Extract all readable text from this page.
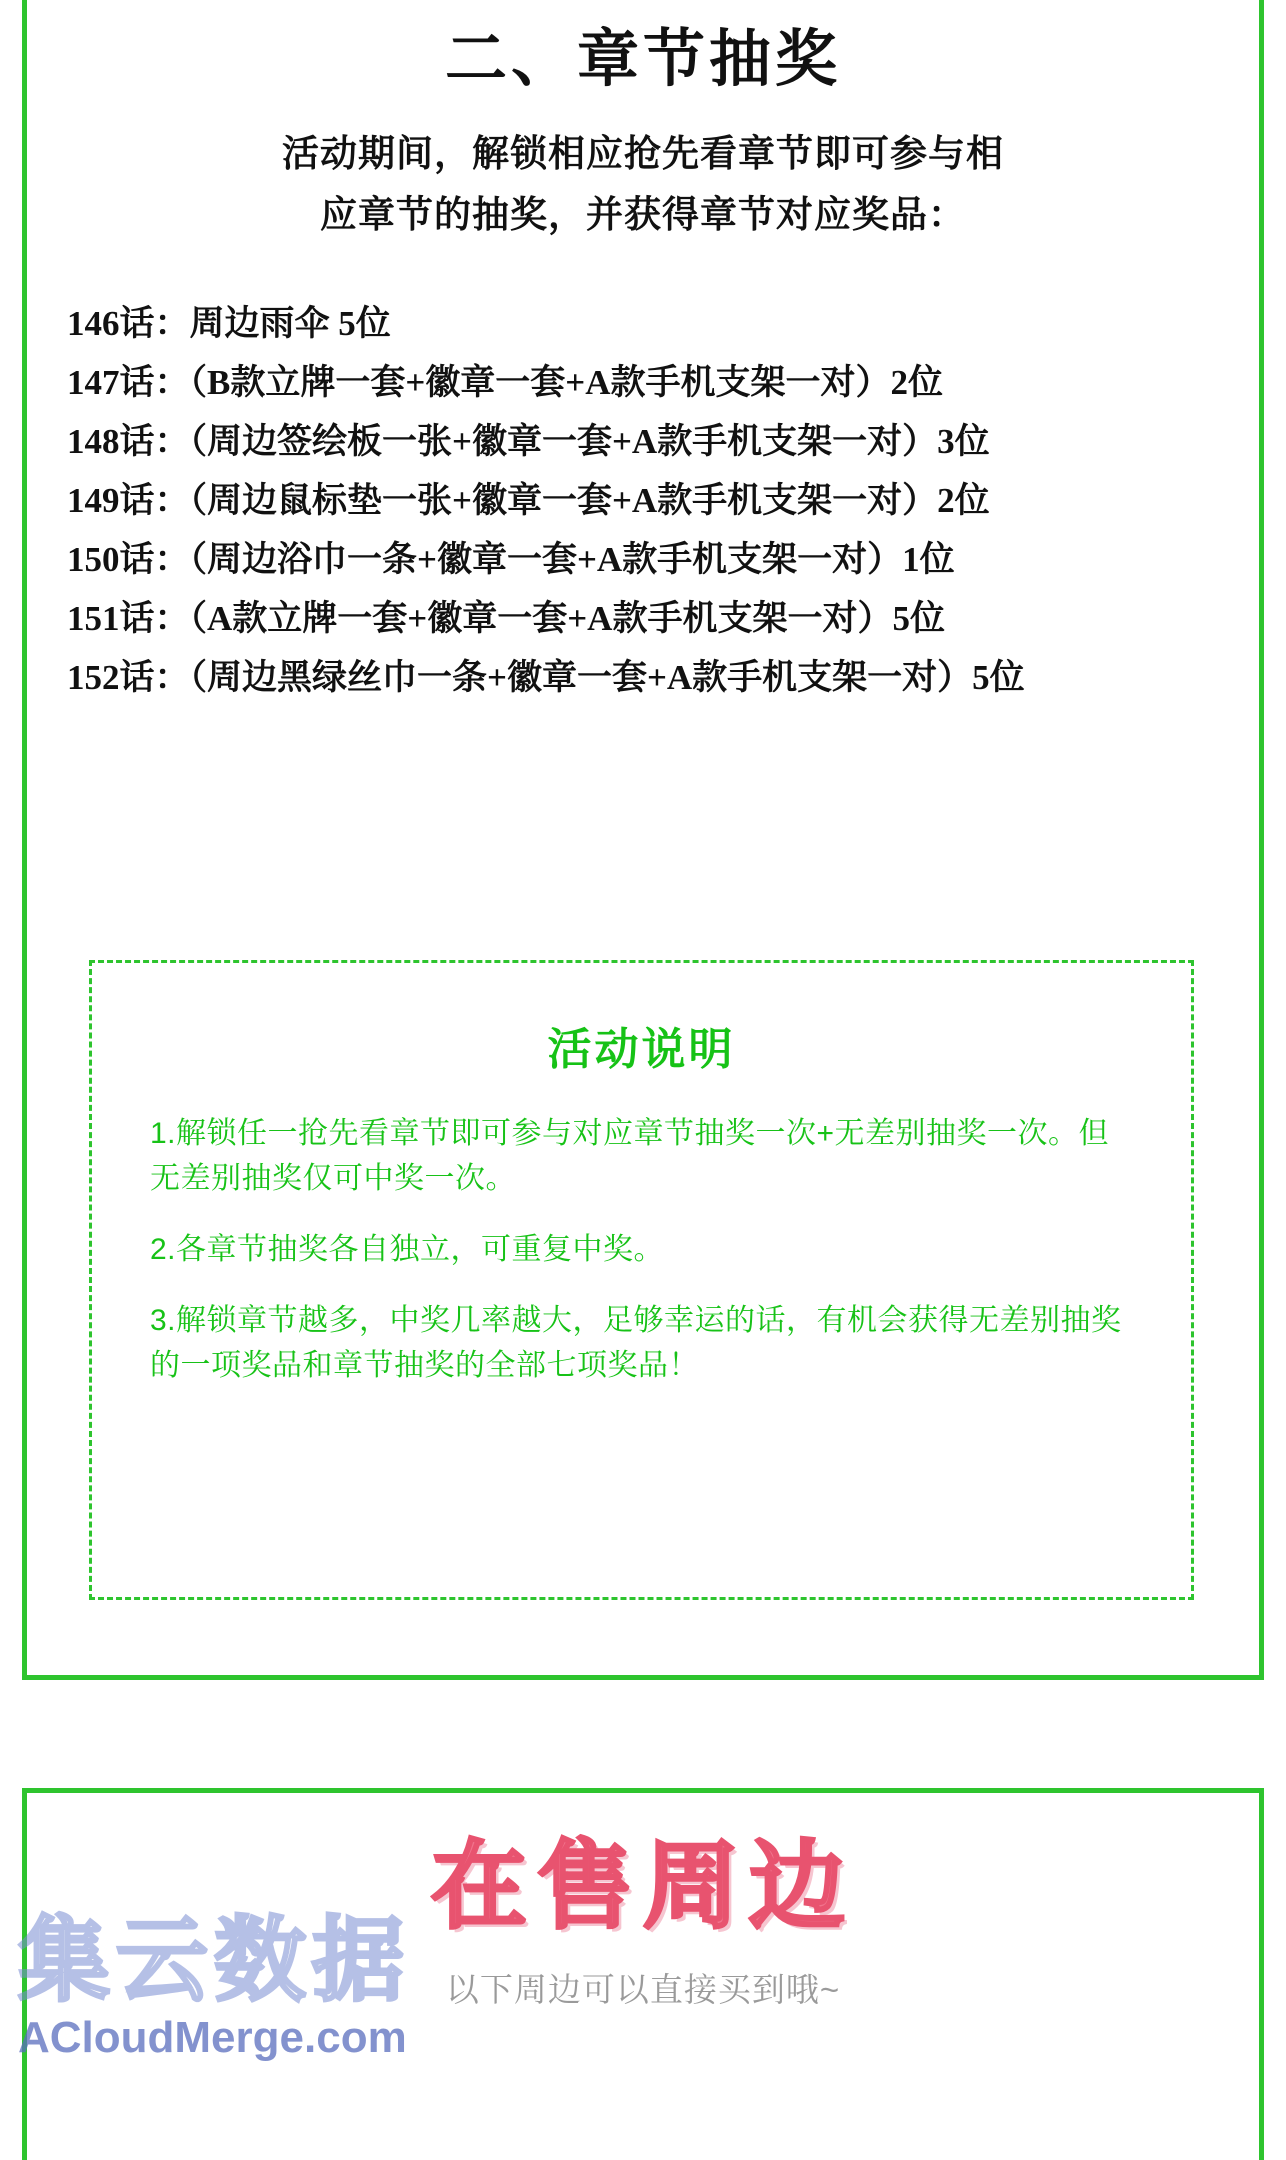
二、章节抽奖
活动期间，解锁相应抢先看章节即可参与相
应章节的抽奖，并获得章节对应奖品：
146话：周边雨伞 5位
147话：（B款立牌一套+徽章一套+A款手机支架一对）2位
148话：（周边签绘板一张+徽章一套+A款手机支架一对）3位
149话：（周边鼠标垫一张+徽章一套+A款手机支架一对）2位
150话：（周边浴巾一条+徽章一套+A款手机支架一对）1位
151话：（A款立牌一套+徽章一套+A款手机支架一对）5位
152话：（周边黑绿丝巾一条+徽章一套+A款手机支架一对）5位
活动说明
1.解锁任一抢先看章节即可参与对应章节抽奖一次+无差别抽奖一次。但无差别抽奖仅可中奖一次。
2.各章节抽奖各自独立，可重复中奖。
3.解锁章节越多，中奖几率越大，足够幸运的话，有机会获得无差别抽奖的一项奖品和章节抽奖的全部七项奖品！
在售周边
以下周边可以直接买到哦~
ACloudMerge.com
